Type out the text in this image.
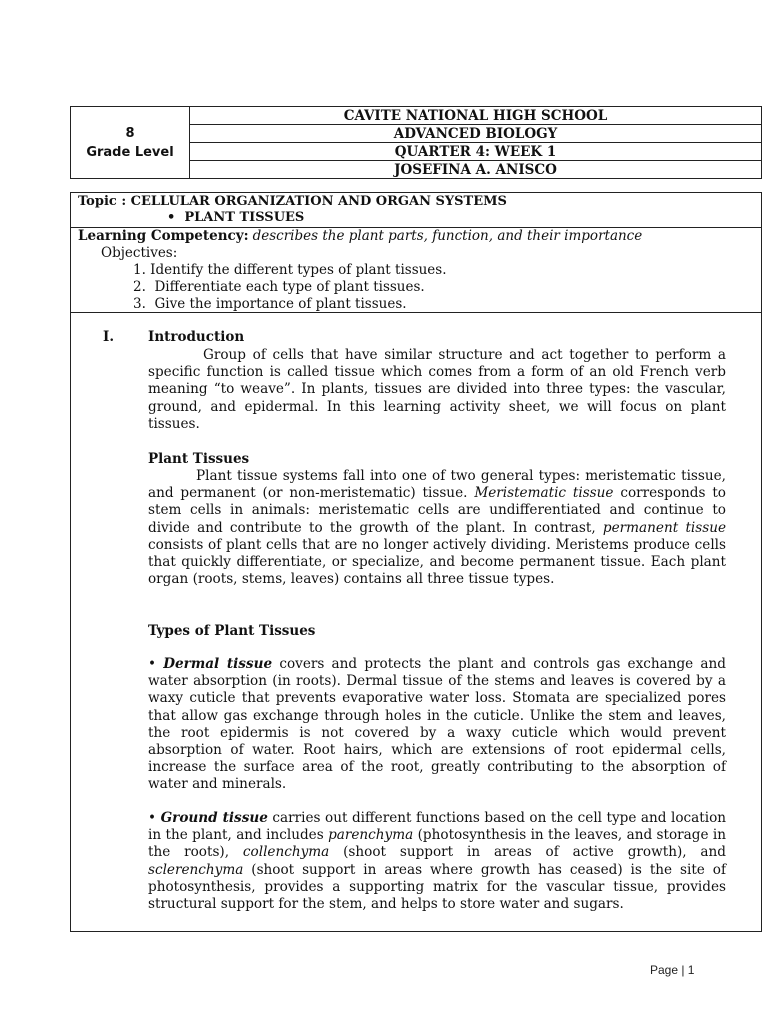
8
Grade Level
	CAVITE NATIONAL HIGH SCHOOL
ADVANCED BIOLOGY
QUARTER 4: WEEK 1
JOSEFINA A. ANISCO
Topic : CELLULAR ORGANIZATION AND ORGAN SYSTEMS
•  PLANT TISSUES
Learning Competency: describes the plant parts, function, and their importance
Objectives:
1. Identify the different types of plant tissues.
2.  Differentiate each type of plant tissues.
3.  Give the importance of plant tissues.
I.	Introduction

Group of cells that have similar structure and act together to perform a specific function is called tissue which comes from a form of an old French verb meaning “to weave”. In plants, tissues are divided into three types: the vascular, ground, and epidermal. In this learning activity sheet, we will focus on plant tissues.

Plant Tissues

Plant tissue systems fall into one of two general types: meristematic tissue, and permanent (or non-meristematic) tissue. Meristematic tissue corresponds to stem cells in animals: meristematic cells are undifferentiated and continue to divide and contribute to the growth of the plant. In contrast, permanent tissue consists of plant cells that are no longer actively dividing. Meristems produce cells that quickly differentiate, or specialize, and become permanent tissue. Each plant organ (roots, stems, leaves) contains all three tissue types.

Types of Plant Tissues

• Dermal tissue covers and protects the plant and controls gas exchange and water absorption (in roots). Dermal tissue of the stems and leaves is covered by a waxy cuticle that prevents evaporative water loss. Stomata are specialized pores that allow gas exchange through holes in the cuticle. Unlike the stem and leaves, the root epidermis is not covered by a waxy cuticle which would prevent absorption of water. Root hairs, which are extensions of root epidermal cells, increase the surface area of the root, greatly contributing to the absorption of water and minerals.

• Ground tissue carries out different functions based on the cell type and location in the plant, and includes parenchyma (photosynthesis in the leaves, and storage in the roots), collenchyma (shoot support in areas of active growth), and sclerenchyma (shoot support in areas where growth has ceased) is the site of photosynthesis, provides a supporting matrix for the vascular tissue, provides structural support for the stem, and helps to store water and sugars.

Page | 1
